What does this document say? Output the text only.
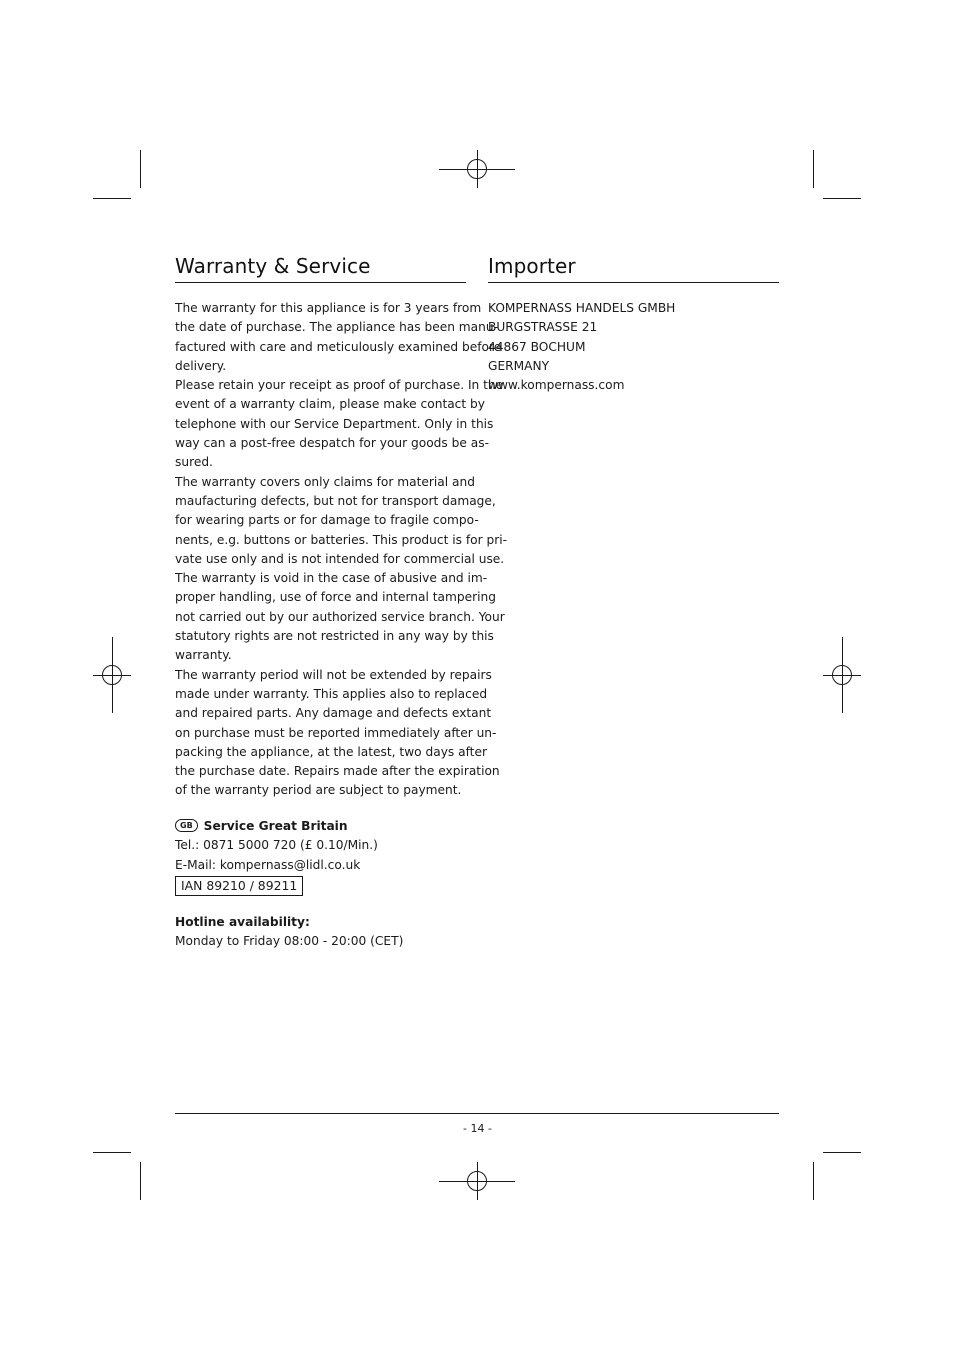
Warranty & Service
The warranty for this appliance is for 3 years from
the date of purchase. The appliance has been manu-
factured with care and meticulously examined before
delivery.
Please retain your receipt as proof of purchase. In the
event of a warranty claim, please make contact by
telephone with our Service Department. Only in this
way can a post-free despatch for your goods be as-
sured.
The warranty covers only claims for material and
maufacturing defects, but not for transport damage,
for wearing parts or for damage to fragile compo-
nents, e.g. buttons or batteries. This product is for pri-
vate use only and is not intended for commercial use.
The warranty is void in the case of abusive and im-
proper handling, use of force and internal tampering
not carried out by our authorized service branch. Your
statutory rights are not restricted in any way by this
warranty.
The warranty period will not be extended by repairs
made under warranty. This applies also to replaced
and repaired parts. Any damage and defects extant
on purchase must be reported immediately after un-
packing the appliance, at the latest, two days after
the purchase date. Repairs made after the expiration
of the warranty period are subject to payment.
GB Service Great Britain
Tel.: 0871 5000 720 (£ 0.10/Min.)
E-Mail: kompernass@lidl.co.uk
IAN 89210 / 89211
Hotline availability:
Monday to Friday 08:00 - 20:00 (CET)
Importer
KOMPERNASS HANDELS GMBH
BURGSTRASSE 21
44867 BOCHUM
GERMANY
www.kompernass.com
- 14 -
